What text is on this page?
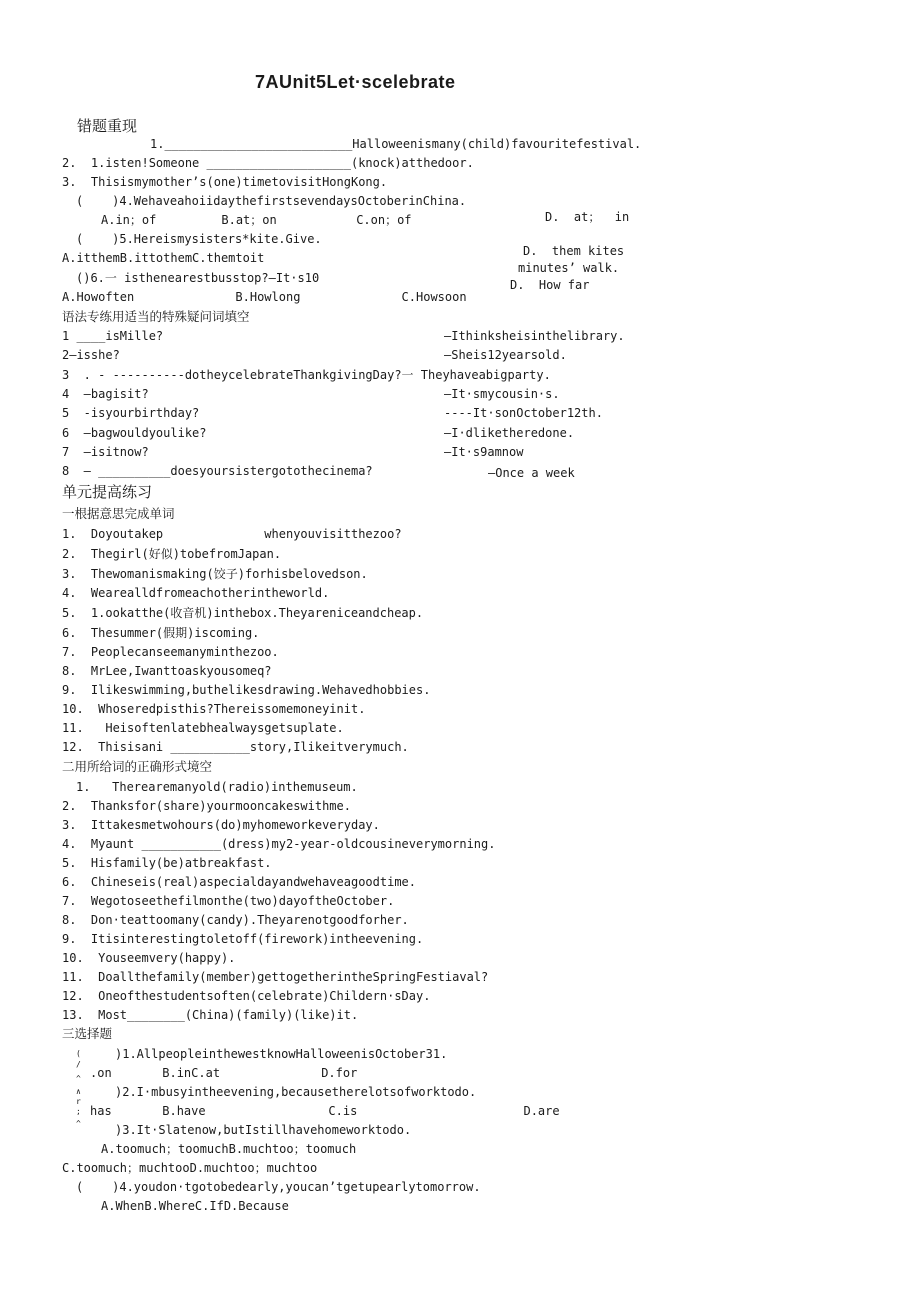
7AUnit5Let·scelebrate
错题重现
1.__________________________Halloweenismany(child)favouritefestival.
2.  1.isten!Someone ____________________(knock)atthedoor.
3.  Thisismymother’s(one)timetovisitHongKong.
(    )4.WehaveahoiidaythefirstsevendaysOctoberinChina.
A.in；of         B.at；on           C.on；of	D.  at；  in
(    )5.Hereismysisters*kite.Give.
D.  them kites
A.itthemB.ittothemC.themtoit
minutes’ walk.
()6.一 isthenearestbusstop?—It·s10	D.  How far
A.Howoften              B.Howlong              C.Howsoon
语法专练用适当的特殊疑问词填空
1 ____isMille?	—Ithinksheisinthelibrary.
2—isshe?	—Sheis12yearsold.
3  . - ----------dotheycelebrateThankgivingDay?一 Theyhaveabigparty.
4  —bagisit?	—It·smycousin·s.
5  -isyourbirthday?	----It·sonOctober12th.
6  —bagwouldyoulike?	—I·dliketheredone.
7  —isitnow?	—It·s9amnow
8  — __________doesyoursistergotothecinema?	—Once a week
单元提高练习
一根据意思完成单词
1.  Doyoutakep              whenyouvisitthezoo?
2.  Thegirl(好似)tobefromJapan.
3.  Thewomanismaking(饺子)forhisbelovedson.
4.  Wearealldfromeachotherintheworld.
5.  1.ookatthe(收音机)inthebox.Theyareniceandcheap.
6.  Thesummer(假期)iscoming.
7.  Peoplecanseemanyminthezoo.
8.  MrLee,Iwanttoaskyousomeq?
9.  Ilikeswimming,buthelikesdrawing.Wehavedhobbies.
10.  Whoseredpisthis?Thereissomemoneyinit.
11.   Heisoftenlatebhealwaysgetsuplate.
12.  Thisisani ___________story,Ilikeitverymuch.
二用所给词的正确形式境空
1.   Therearemanyold(radio)inthemuseum.
2.  Thanksfor(share)yourmooncakeswithme.
3.  Ittakesmetwohours(do)myhomeworkeveryday.
4.  Myaunt ___________(dress)my2-year-oldcousineverymorning.
5.  Hisfamily(be)atbreakfast.
6.  Chineseis(real)aspecialdayandwehaveagoodtime.
7.  Wegotoseethefilmonthe(two)dayoftheOctober.
8.  Don·teattoomany(candy).Theyarenotgoodforher.
9.  Itisinterestingtoletoff(firework)intheevening.
10.  Youseemvery(happy).
11.  Doallthefamily(member)gettogetherintheSpringFestiaval?
12.  Oneofthestudentsoften(celebrate)Childern·sDay.
13.  Most________(China)(family)(like)it.
三选择题
(
/
^
∧
r
;
^
)1.AllpeopleinthewestknowHalloweenisOctober31.
.on       B.inC.at              D.for
)2.I·mbusyintheevening,becausetherelotsofworktodo.
has       B.have                 C.is                       D.are
)3.It·Slatenow,butIstillhavehomeworktodo.
A.toomuch；toomuchB.muchtoo；toomuch
C.toomuch；muchtooD.muchtoo；muchtoo
(    )4.youdon·tgotobedearly,youcan’tgetupearlytomorrow.
A.WhenB.WhereC.IfD.Because
